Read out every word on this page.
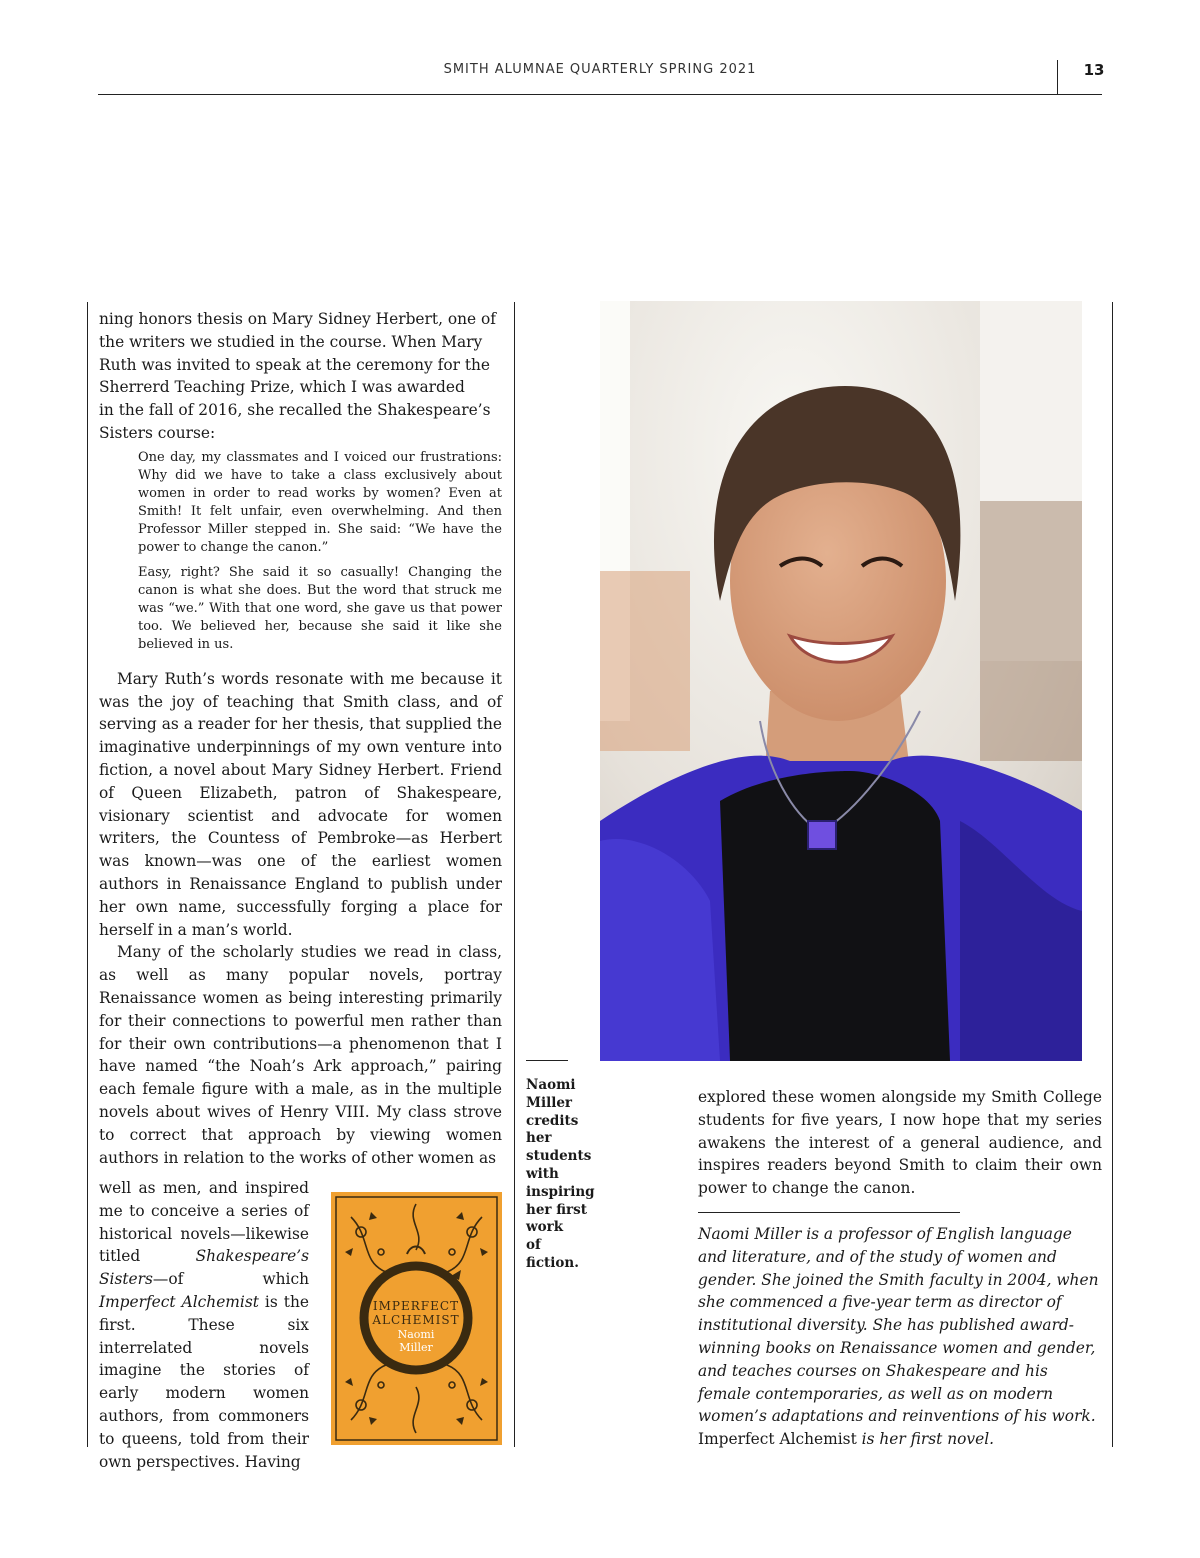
SMITH ALUMNAE QUARTERLY SPRING 2021	13
ning honors thesis on Mary Sidney Herbert, one of
the writers we studied in the course. When Mary
Ruth was invited to speak at the ceremony for the
Sherrerd Teaching Prize, which I was awarded
in the fall of 2016, she recalled the Shakespeare’s
Sisters course:

One day, my classmates and I voiced our frustrations: Why did we have to take a class exclusively about women in order to read works by women? Even at Smith! It felt unfair, even overwhelming. And then Professor Miller stepped in. She said: “We have the power to change the canon.”

Easy, right? She said it so casually! Changing the canon is what she does. But the word that struck me was “we.” With that one word, she gave us that power too. We believed her, because she said it like she believed in us.

Mary Ruth’s words resonate with me because it was the joy of teaching that Smith class, and of serving as a reader for her thesis, that supplied the imaginative underpinnings of my own venture into fiction, a novel about Mary Sidney Herbert. Friend of Queen Elizabeth, patron of Shakespeare, visionary scientist and advocate for women writers, the Countess of Pembroke—as Herbert was known—was one of the earliest women authors in Renaissance England to publish under her own name, successfully forging a place for herself in a man’s world.

Many of the scholarly studies we read in class, as well as many popular novels, portray Renaissance women as being interesting primarily for their connections to powerful men rather than for their own contributions—a phenomenon that I have named “the Noah’s Ark approach,” pairing each female figure with a male, as in the multiple novels about wives of Henry VIII. My class strove to correct that approach by viewing women authors in relation to the works of other women as

well as men, and inspired me to conceive a series of historical novels—likewise titled Shakespeare’s Sisters—of which Imperfect Alchemist is the first. These six interrelated novels imagine the stories of early modern women authors, from commoners to queens, told from their own perspectives. Having

IMPERFECT
ALCHEMIST
Naomi
Miller
Naomi
Miller
credits
her
students
with
inspiring
her first
work
of
fiction.

explored these women alongside my Smith College students for five years, I now hope that my series awakens the interest of a general audience, and inspires readers beyond Smith to claim their own power to change the canon.

Naomi Miller is a professor of English language and literature, and of the study of women and gender. She joined the Smith faculty in 2004, when she commenced a five-year term as director of institutional diversity. She has published award-winning books on Renaissance women and gender, and teaches courses on Shakespeare and his female contemporaries, as well as on modern women’s adaptations and reinventions of his work. Imperfect Alchemist is her first novel.
